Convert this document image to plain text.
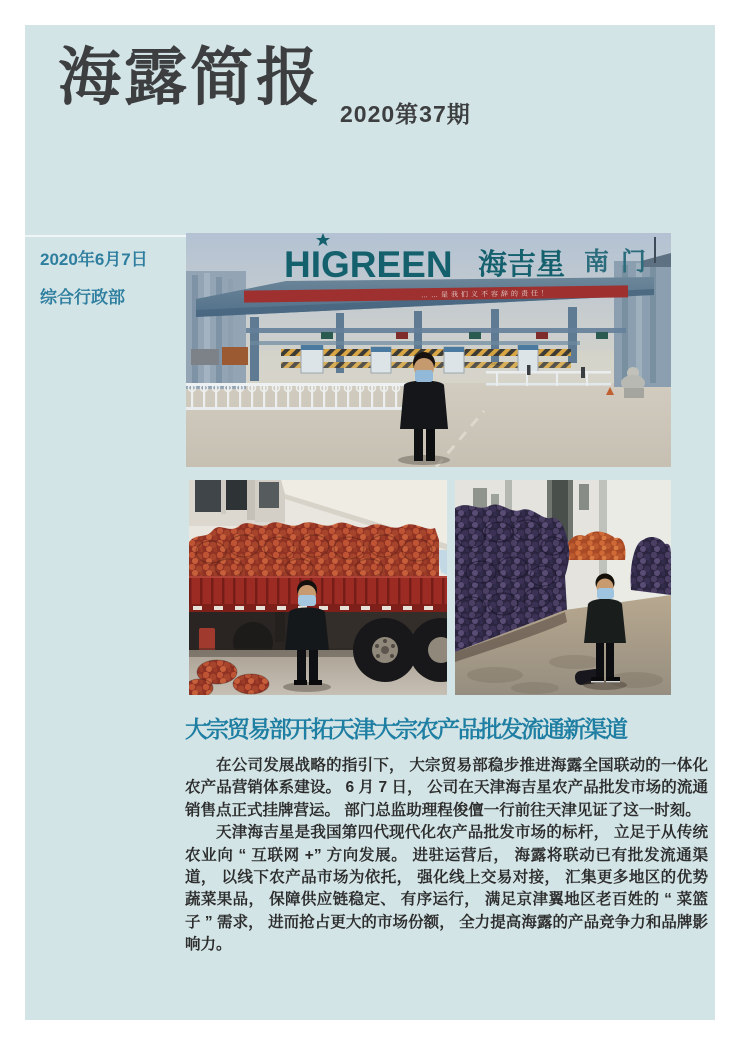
海露简报
2020第37期
2020年6月7日
综合行政部
HIGREEN 海吉星 南门
……是我们义不容辞的责任！
大宗贸易部开拓天津大宗农产品批发流通新渠道

在公司发展战略的指引下， 大宗贸易部稳步推进海露全国联动的一体化农产品营销体系建设。 6 月 7 日， 公司在天津海吉星农产品批发市场的流通销售点正式挂牌营运。 部门总监助理程俊儃一行前往天津见证了这一时刻。

天津海吉星是我国第四代现代化农产品批发市场的标杆， 立足于从传统农业向 “ 互联网 +” 方向发展。 进驻运营后， 海露将联动已有批发流通渠道， 以线下农产品市场为依托， 强化线上交易对接， 汇集更多地区的优势蔬菜果品， 保障供应链稳定、 有序运行， 满足京津翼地区老百姓的 “ 菜篮子 ” 需求， 进而抢占更大的市场份额， 全力提高海露的产品竞争力和品牌影响力。
